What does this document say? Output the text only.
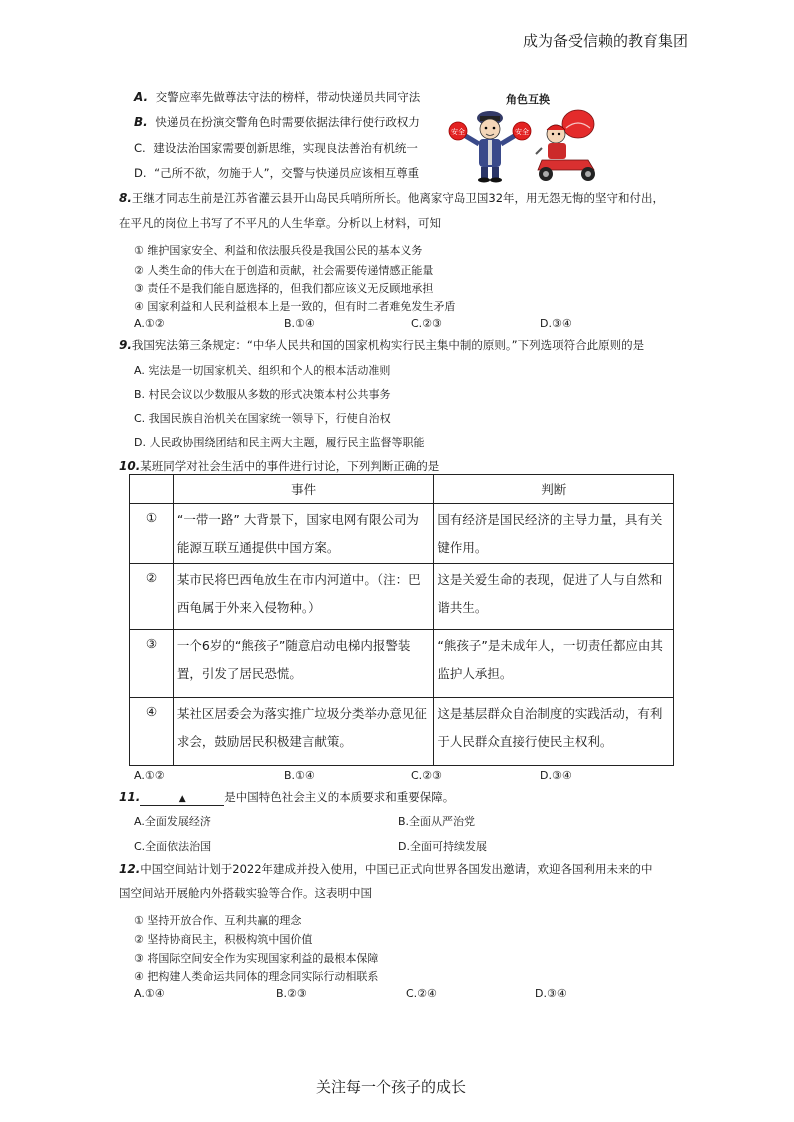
成为备受信赖的教育集团
A. 交警应率先做尊法守法的榜样，带动快递员共同守法
B. 快递员在扮演交警角色时需要依据法律行使行政权力
C. 建设法治国家需要创新思维，实现良法善治有机统一
D. “己所不欲，勿施于人”，交警与快递员应该相互尊重
角色互换
安全	安全
8.王继才同志生前是江苏省灌云县开山岛民兵哨所所长。他离家守岛卫国32年，用无怨无悔的坚守和付出，
在平凡的岗位上书写了不平凡的人生华章。分析以上材料，可知
① 维护国家安全、利益和依法服兵役是我国公民的基本义务
② 人类生命的伟大在于创造和贡献，社会需要传递情感正能量
③ 责任不是我们能自愿选择的，但我们都应该义无反顾地承担
④ 国家利益和人民利益根本上是一致的，但有时二者难免发生矛盾
A.①②	B.①④	C.②③	D.③④
9.我国宪法第三条规定：“中华人民共和国的国家机构实行民主集中制的原则。”下列选项符合此原则的是
A. 宪法是一切国家机关、组织和个人的根本活动准则
B. 村民会议以少数服从多数的形式决策本村公共事务
C. 我国民族自治机关在国家统一领导下，行使自治权
D. 人民政协围绕团结和民主两大主题，履行民主监督等职能
10.某班同学对社会生活中的事件进行讨论，下列判断正确的是
	事件	判断
①	“一带一路” 大背景下，国家电网有限公司为能源互联互通提供中国方案。	国有经济是国民经济的主导力量，具有关键作用。
②	某市民将巴西龟放生在市内河道中。（注：巴西龟属于外来入侵物种。）	这是关爱生命的表现，促进了人与自然和谐共生。
③	一个6岁的“熊孩子”随意启动电梯内报警装置，引发了居民恐慌。	“熊孩子”是未成年人，一切责任都应由其监护人承担。
④	某社区居委会为落实推广垃圾分类举办意见征求会，鼓励居民积极建言献策。	这是基层群众自治制度的实践活动，有利于人民群众直接行使民主权利。
A.①②	B.①④	C.②③	D.③④
11.	▲	是中国特色社会主义的本质要求和重要保障。
A.全面发展经济	B.全面从严治党
C.全面依法治国	D.全面可持续发展
12.中国空间站计划于2022年建成并投入使用，中国已正式向世界各国发出邀请，欢迎各国利用未来的中
国空间站开展舱内外搭载实验等合作。这表明中国
① 坚持开放合作、互利共赢的理念
② 坚持协商民主，积极构筑中国价值
③ 将国际空间安全作为实现国家利益的最根本保障
④ 把构建人类命运共同体的理念同实际行动相联系
A.①④	B.②③	C.②④	D.③④
关注每一个孩子的成长
